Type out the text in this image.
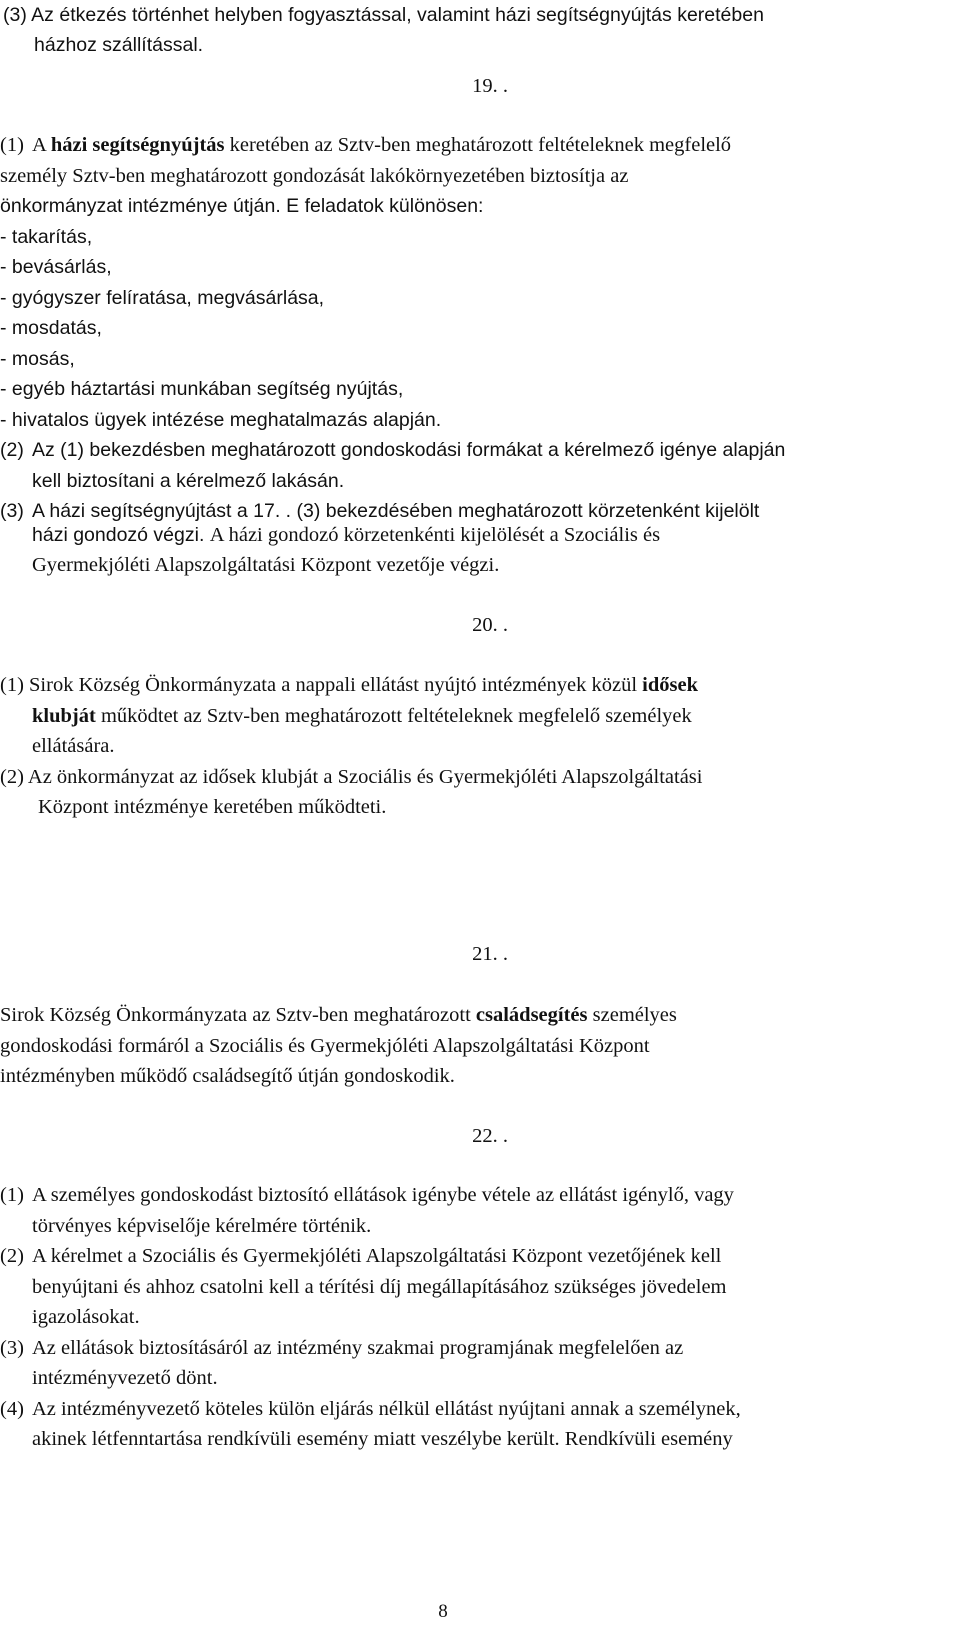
(3) Az étkezés történhet helyben fogyasztással, valamint házi segítségnyújtás keretében
házhoz szállítással.
19. .
(1) A házi segítségnyújtás keretében az Sztv-ben meghatározott feltételeknek megfelelő
személy Sztv-ben meghatározott gondozását lakókörnyezetében biztosítja az
önkormányzat intézménye útján. E feladatok különösen:
- takarítás,
- bevásárlás,
- gyógyszer felíratása, megvásárlása,
- mosdatás,
- mosás,
- egyéb háztartási munkában segítség nyújtás,
- hivatalos ügyek intézése meghatalmazás alapján.
(2) Az (1) bekezdésben meghatározott gondoskodási formákat a kérelmező igénye alapján
kell biztosítani a kérelmező lakásán.
(3) A házi segítségnyújtást a 17. . (3) bekezdésében meghatározott körzetenként kijelölt
házi gondozó végzi. A házi gondozó körzetenkénti kijelölését a Szociális és
Gyermekjóléti Alapszolgáltatási Központ vezetője végzi.
20. .
(1) Sirok Község Önkormányzata a nappali ellátást nyújtó intézmények közül idősek
klubját működtet az Sztv-ben meghatározott feltételeknek megfelelő személyek
ellátására.
(2) Az önkormányzat az idősek klubját a Szociális és Gyermekjóléti Alapszolgáltatási
Központ intézménye keretében működteti.
21. .
Sirok Község Önkormányzata az Sztv-ben meghatározott családsegítés személyes
gondoskodási formáról a Szociális és Gyermekjóléti Alapszolgáltatási Központ
intézményben működő családsegítő útján gondoskodik.
22. .
(1) A személyes gondoskodást biztosító ellátások igénybe vétele az ellátást igénylő, vagy
törvényes képviselője kérelmére történik.
(2) A kérelmet a Szociális és Gyermekjóléti Alapszolgáltatási Központ vezetőjének kell
benyújtani és ahhoz csatolni kell a térítési díj megállapításához szükséges jövedelem
igazolásokat.
(3) Az ellátások biztosításáról az intézmény szakmai programjának megfelelően az
intézményvezető dönt.
(4) Az intézményvezető köteles külön eljárás nélkül ellátást nyújtani annak a személynek,
akinek létfenntartása rendkívüli esemény miatt veszélybe került. Rendkívüli esemény
8
